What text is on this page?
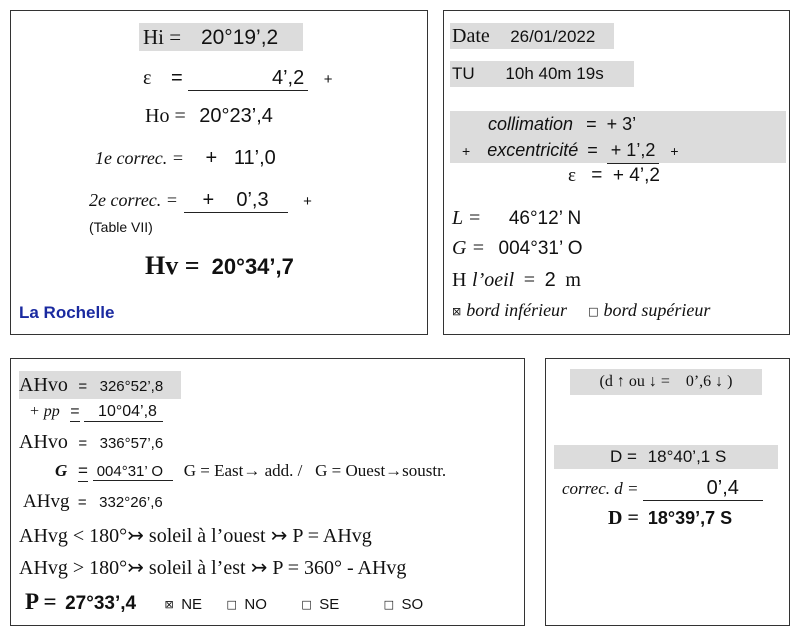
Hi = 20°19’,2
ε =	4’,2 +
Ho = 20°23’,4
1e correc. = +   11’,0
2e correc. = +    0’,3 +
(Table VII)
Hv = 20°34’,7
La Rochelle
Date 26/01/2022
TU 10h 40m 19s
collimation =  + 3’
+ excentricité = + 1’,2 +
ε =  + 4’,2
L = 46°12’ N
G = 004°31’ O
H l’oeil = 2 m
⊠ bord inférieur □ bord supérieur
AHvo =   326°52’,8
+ pp = 10°04’,8
AHvo =   336°57’,6
G = 004°31’ O G = East→ add. /   G = Ouest→soustr.
AHvg =   332°26’,6
AHvg < 180°↣ soleil à l’ouest ↣ P = AHvg
AHvg > 180°↣ soleil à l’est ↣ P = 360° - AHvg
P = 27°33’,4	⊠ NE □ NO	□ SE	□ SO
(d ↑ ou ↓ =    0’,6 ↓ )
D = 18°40’,1 S
correc. d =	0’,4
D = 18°39’,7 S
